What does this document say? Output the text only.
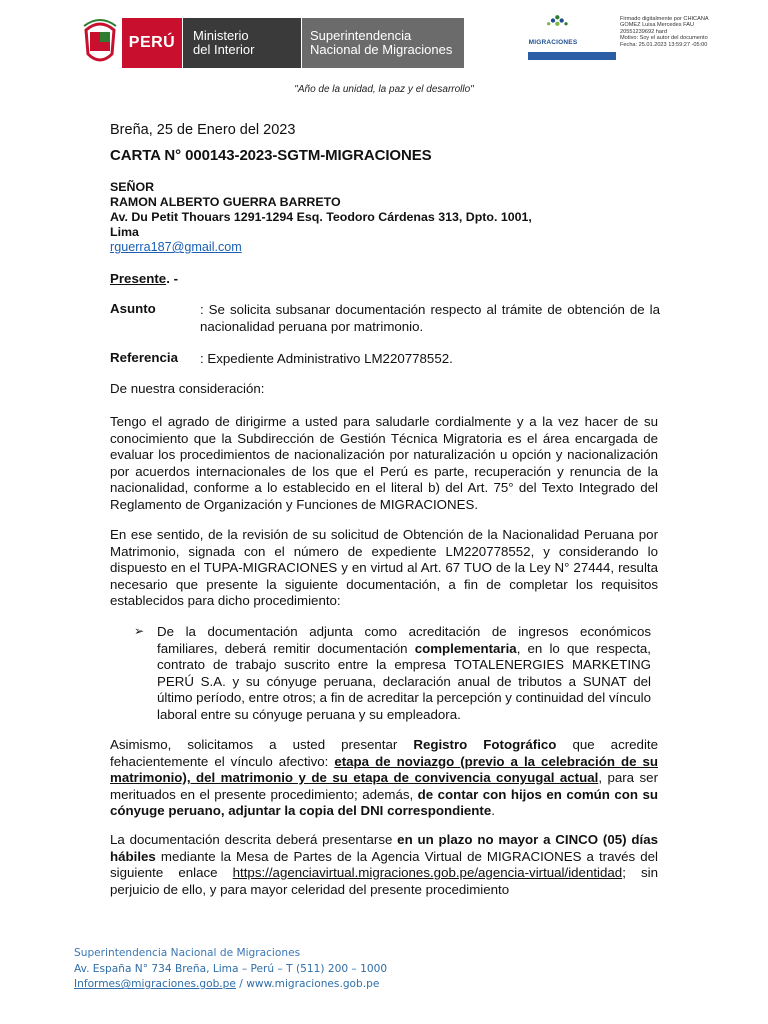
PERÚ Ministerio
del Interior
Superintendencia
Nacional de Migraciones	MIGRACIONES
Firmado digitalmente por CHICANA
GOMEZ Luisa Mercedes FAU
20551239692 hard
Motivo: Soy el autor del documento
Fecha: 25.01.2023 13:59:27 -05:00
"Año de la unidad, la paz y el desarrollo"
Breña, 25 de Enero del 2023
CARTA N° 000143-2023-SGTM-MIGRACIONES
SEÑOR
RAMON ALBERTO GUERRA BARRETO
Av. Du Petit Thouars 1291-1294 Esq. Teodoro Cárdenas 313, Dpto. 1001,
Lima
rguerra187@gmail.com
Presente. -
Asunto	: Se solicita subsanar documentación respecto al trámite de obtención de la nacionalidad peruana por matrimonio.
Referencia : Expediente Administrativo LM220778552.
De nuestra consideración:
Tengo el agrado de dirigirme a usted para saludarle cordialmente y a la vez hacer de su conocimiento que la Subdirección de Gestión Técnica Migratoria es el área encargada de evaluar los procedimientos de nacionalización por naturalización u opción y nacionalización por acuerdos internacionales de los que el Perú es parte, recuperación y renuncia de la nacionalidad, conforme a lo establecido en el literal b) del Art. 75° del Texto Integrado del Reglamento de Organización y Funciones de MIGRACIONES.
En ese sentido, de la revisión de su solicitud de Obtención de la Nacionalidad Peruana por Matrimonio, signada con el número de expediente LM220778552, y considerando lo dispuesto en el TUPA-MIGRACIONES y en virtud al Art. 67 TUO de la Ley N° 27444, resulta necesario que presente la siguiente documentación, a fin de completar los requisitos establecidos para dicho procedimiento:
➢ De la documentación adjunta como acreditación de ingresos económicos familiares, deberá remitir documentación complementaria, en lo que respecta, contrato de trabajo suscrito entre la empresa TOTALENERGIES MARKETING PERÚ S.A. y su cónyuge peruana, declaración anual de tributos a SUNAT del último período, entre otros; a fin de acreditar la percepción y continuidad del vínculo laboral entre su cónyuge peruana y su empleadora.
Asimismo, solicitamos a usted presentar Registro Fotográfico que acredite fehacientemente el vínculo afectivo: etapa de noviazgo (previo a la celebración de su matrimonio), del matrimonio y de su etapa de convivencia conyugal actual, para ser merituados en el presente procedimiento; además, de contar con hijos en común con su cónyuge peruano, adjuntar la copia del DNI correspondiente.
La documentación descrita deberá presentarse en un plazo no mayor a CINCO (05) días hábiles mediante la Mesa de Partes de la Agencia Virtual de MIGRACIONES a través del siguiente enlace https://agenciavirtual.migraciones.gob.pe/agencia-virtual/identidad; sin perjuicio de ello, y para mayor celeridad del presente procedimiento
Superintendencia Nacional de Migraciones
Av. España N° 734 Breña, Lima – Perú – T (511) 200 – 1000
Informes@migraciones.gob.pe / www.migraciones.gob.pe
